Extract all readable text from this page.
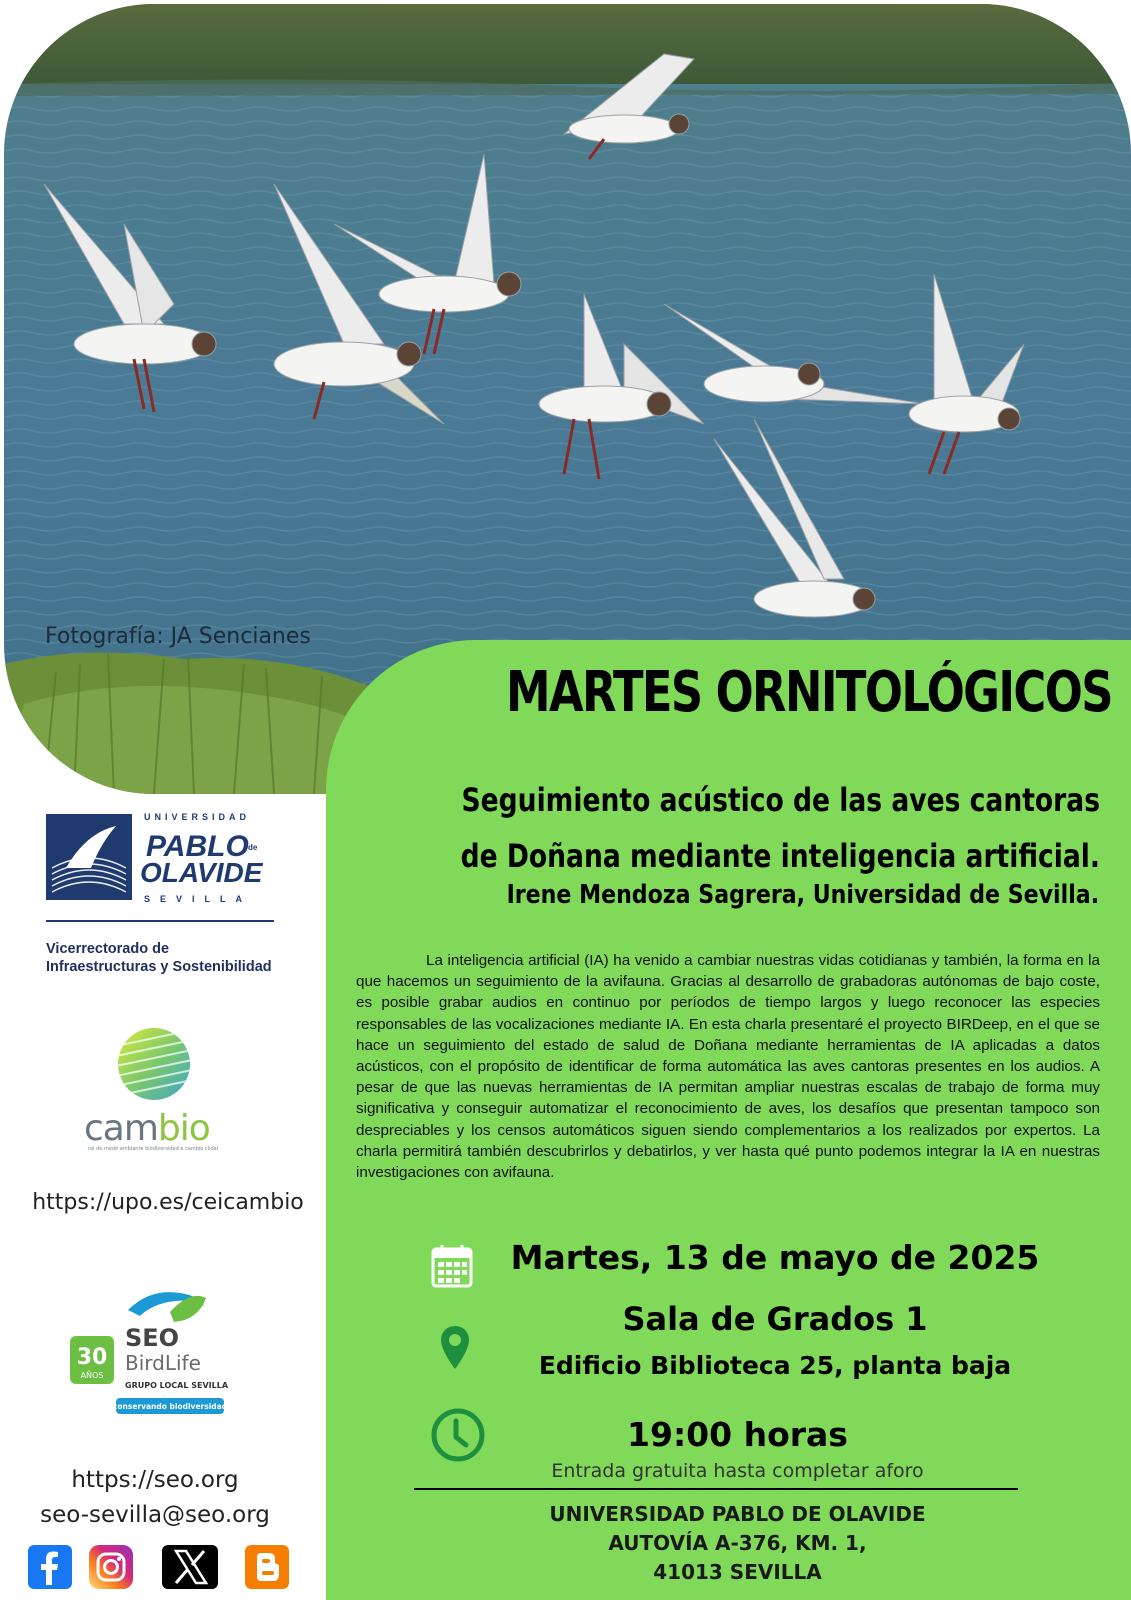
Fotografía: JA Sencianes
MARTES ORNITOLÓGICOS
Seguimiento acústico de las aves cantoras de Doñana mediante inteligencia artificial.
Irene Mendoza Sagrera, Universidad de Sevilla.

La inteligencia artificial (IA) ha venido a cambiar nuestras vidas cotidianas y también, la forma en la que hacemos un seguimiento de la avifauna. Gracias al desarrollo de grabadoras autónomas de bajo coste, es posible grabar audios en continuo por períodos de tiempo largos y luego reconocer las especies responsables de las vocalizaciones mediante IA. En esta charla presentaré el proyecto BIRDeep, en el que se hace un seguimiento del estado de salud de Doñana mediante herramientas de IA aplicadas a datos acústicos, con el propósito de identificar de forma automática las aves cantoras presentes en los audios. A pesar de que las nuevas herramientas de IA permitan ampliar nuestras escalas de trabajo de forma muy significativa y conseguir automatizar el reconocimiento de aves, los desafíos que presentan tampoco son despreciables y los censos automáticos siguen siendo complementarios a los realizados por expertos. La charla permitirá también descubrirlos y debatirlos, y ver hasta qué punto podemos integrar la IA en nuestras investigaciones con avifauna.

Martes, 13 de mayo de 2025
Sala de Grados 1
Edificio Biblioteca 25, planta baja
19:00 horas
Entrada gratuita hasta completar aforo
UNIVERSIDAD PABLO DE OLAVIDE
AUTOVÍA A-376, KM. 1,
41013 SEVILLA
UNIVERSIDAD
PABLO de
OLAVIDE
SEVILLA
Vicerrectorado de
Infraestructuras y Sostenibilidad
cambio
rai de mede ambiante biodiversidad e cambio clidal
https://upo.es/ceicambio
30
AÑOS
SEO
BirdLife
GRUPO LOCAL SEVILLA
conservando biodiversidad
https://seo.org
seo-sevilla@seo.org
